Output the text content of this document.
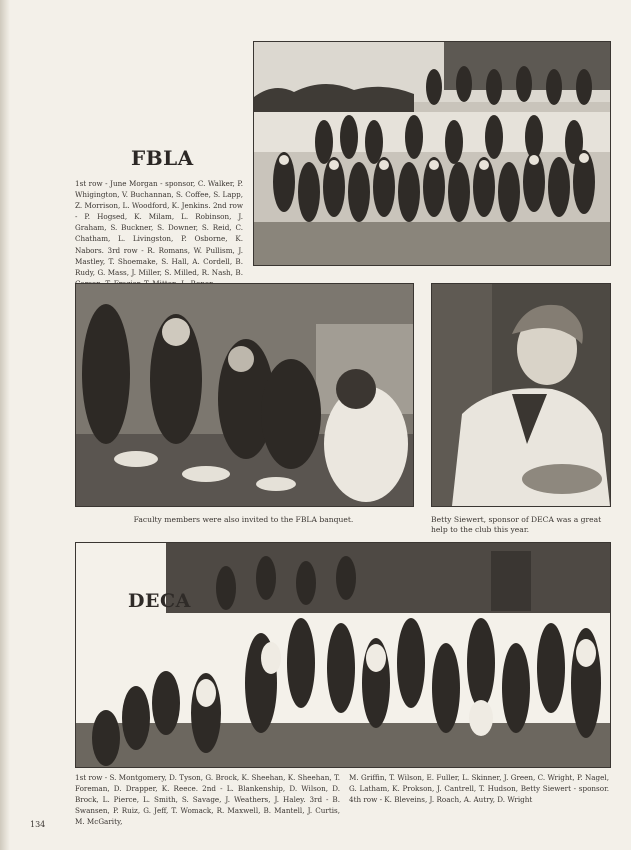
FBLA
1st row - June Morgan - sponsor, C. Walker, P. Whigington, V. Buchannan, S. Coffee, S. Lapp, Z. Morrison, L. Woodford, K. Jenkins. 2nd row - P. Hogsed, K. Milam, L. Robinson, J. Graham, S. Buckner, S. Downer, S. Reid, C. Chatham, L. Livingston, P. Osborne, K. Nabors. 3rd row - R. Romans, W. Pullism, J. Mastley, T. Shoemake, S. Hall, A. Cordell, B. Rudy, G. Mass, J. Miller, S. Milled, R. Nash, B.
Faculty members were also invited to the FBLA banquet.	Betty Siewert, sponsor of DECA was a great help to the club this year.
DECA
1st row - S. Montgomery, D. Tyson, G. Brock, K. Sheehan, K. Sheehan, T. Foreman, D. Drapper, K. Reece. 2nd - L. Blankenship, D. Wilson, D. Brock, L. Pierce, L. Smith, S. Savage, J. Weathers, J. Haley. 3rd - B. Swansen, P. Ruiz, G. Jeff, T. Womack, R. Maxwell, B. Mantell, J. Curtis, M. McGarity,
M. Griffin, T. Wilson, E. Fuller, L. Skinner, J. Green, C. Wright, P. Nagel, G. Latham, K. Prokson, J. Cantrell, T. Hudson, Betty Siewert - sponsor. 4th row - K. Bleveins, J. Roach, A. Autry, D. Wright
134
